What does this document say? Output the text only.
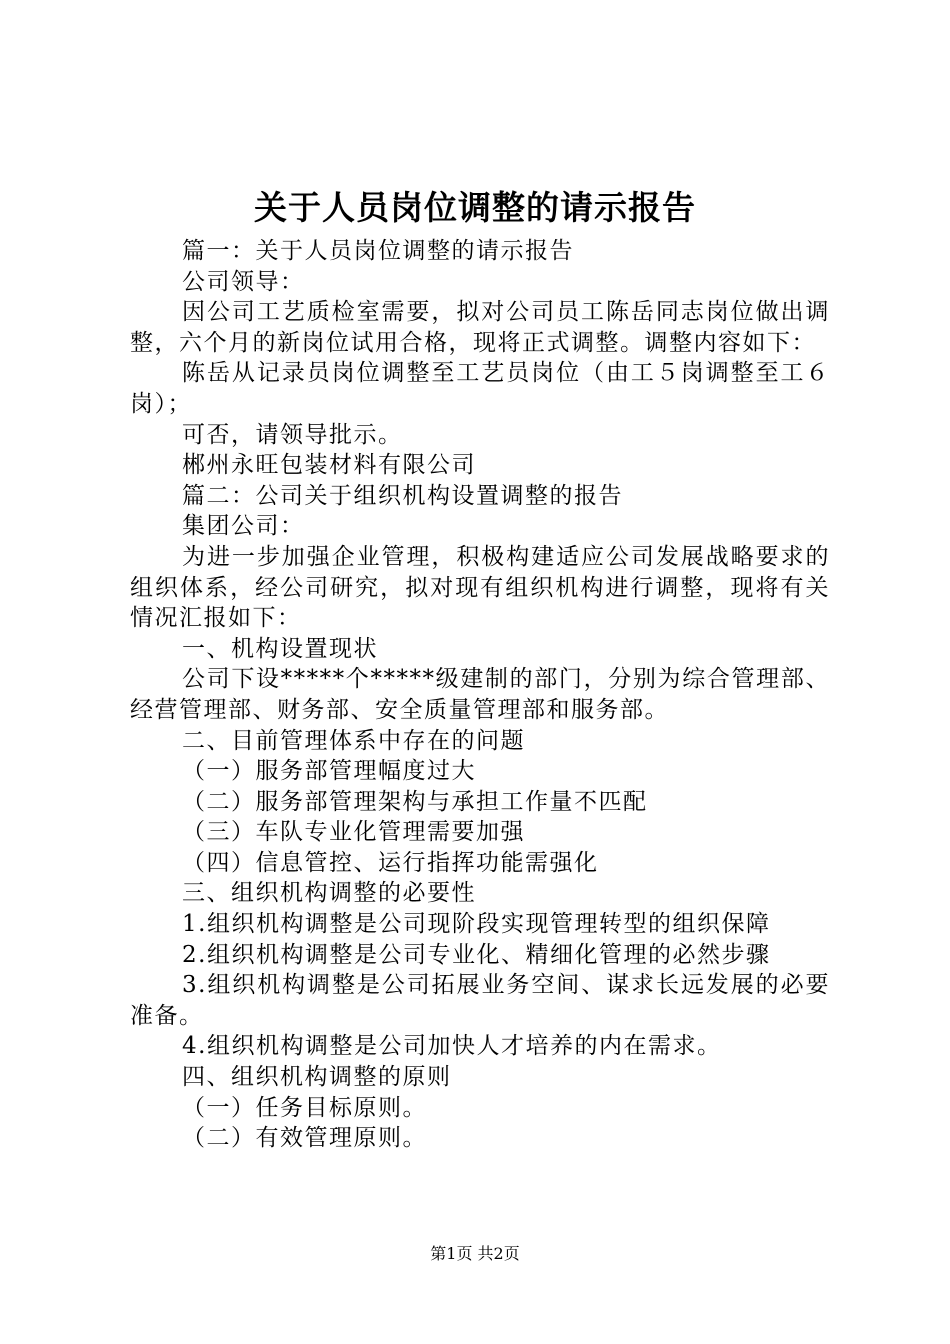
关于人员岗位调整的请示报告

篇一：关于人员岗位调整的请示报告

公司领导：

因公司工艺质检室需要，拟对公司员工陈岳同志岗位做出调整，六个月的新岗位试用合格，现将正式调整。调整内容如下：

陈岳从记录员岗位调整至工艺员岗位（由工５岗调整至工６岗）；

可否，请领导批示。

郴州永旺包装材料有限公司

篇二：公司关于组织机构设置调整的报告

集团公司：

为进一步加强企业管理，积极构建适应公司发展战略要求的组织体系，经公司研究，拟对现有组织机构进行调整，现将有关情况汇报如下：

一、机构设置现状

公司下设*****个*****级建制的部门，分别为综合管理部、经营管理部、财务部、安全质量管理部和服务部。

二、目前管理体系中存在的问题

（一）服务部管理幅度过大

（二）服务部管理架构与承担工作量不匹配

（三）车队专业化管理需要加强

（四）信息管控、运行指挥功能需强化

三、组织机构调整的必要性

1.组织机构调整是公司现阶段实现管理转型的组织保障

2.组织机构调整是公司专业化、精细化管理的必然步骤

3.组织机构调整是公司拓展业务空间、谋求长远发展的必要准备。

4.组织机构调整是公司加快人才培养的内在需求。

四、组织机构调整的原则

（一）任务目标原则。

（二）有效管理原则。

第1页 共2页
